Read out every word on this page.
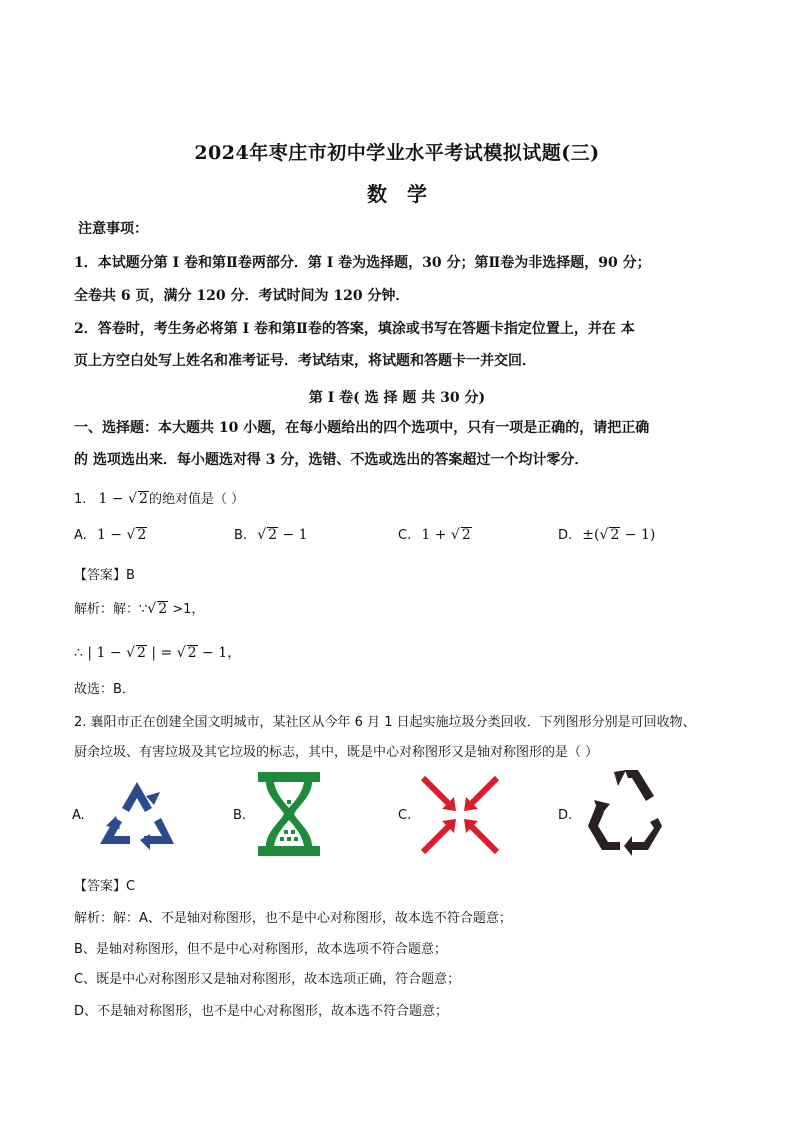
2024年枣庄市初中学业水平考试模拟试题(三)
数学
注意事项：
1．本试题分第 I 卷和第Ⅱ卷两部分．第 I 卷为选择题，30 分；第Ⅱ卷为非选择题，90 分；
全卷共 6 页，满分 120 分．考试时间为 120 分钟．
2．答卷时，考生务必将第 I 卷和第Ⅱ卷的答案，填涂或书写在答题卡指定位置上，并在 本
页上方空白处写上姓名和准考证号．考试结束，将试题和答题卡一并交回．
第 I 卷( 选 择 题 共 30 分)
一、选择题：本大题共 10 小题，在每小题给出的四个选项中，只有一项是正确的，请把正确
的 选项选出来．每小题选对得 3 分，选错、不选或选出的答案超过一个均计零分．
1. 1 − √ 2的绝对值是（ ）
A. 1 − √ 2	B. √ 2 − 1	C. 1 + √ 2	D. ±(√ 2 − 1)
【答案】B
解析：解：∵√ 2 >1，
∴ | 1 − √ 2 | = √ 2 − 1，
故选：B．
2. 襄阳市正在创建全国文明城市，某社区从今年 6 月 1 日起实施垃圾分类回收．下列图形分别是可回收物、
厨余垃圾、有害垃圾及其它垃圾的标志，其中，既是中心对称图形又是轴对称图形的是（ ）
A.	B.	C.	D.
【答案】C
解析：解：A、不是轴对称图形，也不是中心对称图形，故本选不符合题意；
B、是轴对称图形，但不是中心对称图形，故本选项不符合题意；
C、既是中心对称图形又是轴对称图形，故本选项正确，符合题意；
D、不是轴对称图形，也不是中心对称图形，故本选不符合题意；
